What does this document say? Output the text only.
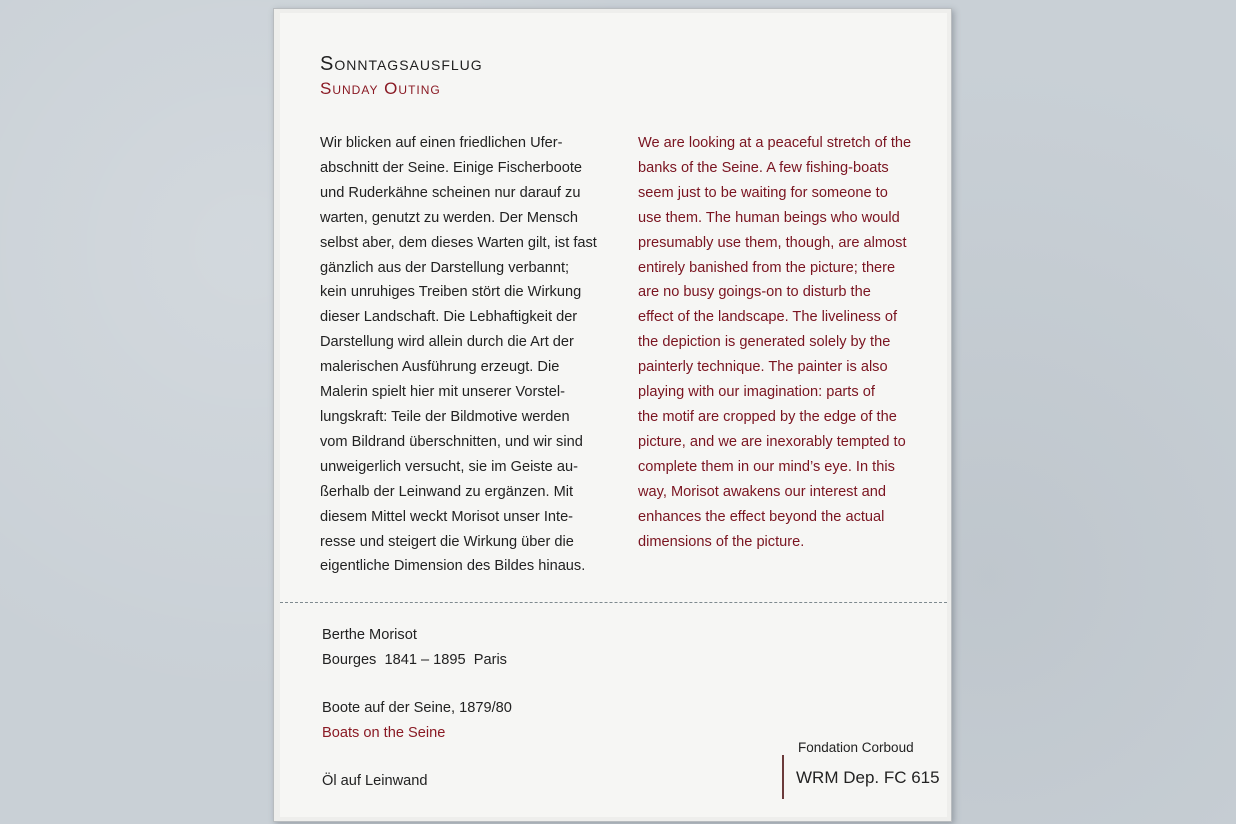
Sonntagsausflug
Sunday Outing
Wir blicken auf einen friedlichen Ufer-
abschnitt der Seine. Einige Fischerboote
und Ruderkähne scheinen nur darauf zu
warten, genutzt zu werden. Der Mensch
selbst aber, dem dieses Warten gilt, ist fast
gänzlich aus der Darstellung verbannt;
kein unruhiges Treiben stört die Wirkung
dieser Landschaft. Die Lebhaftigkeit der
Darstellung wird allein durch die Art der
malerischen Ausführung erzeugt. Die
Malerin spielt hier mit unserer Vorstel-
lungskraft: Teile der Bildmotive werden
vom Bildrand überschnitten, und wir sind
unweigerlich versucht, sie im Geiste au-
ßerhalb der Leinwand zu ergänzen. Mit
diesem Mittel weckt Morisot unser Inte-
resse und steigert die Wirkung über die
eigentliche Dimension des Bildes hinaus.
We are looking at a peaceful stretch of the
banks of the Seine. A few fishing-boats
seem just to be waiting for someone to
use them. The human beings who would
presumably use them, though, are almost
entirely banished from the picture; there
are no busy goings-on to disturb the
effect of the landscape. The liveliness of
the depiction is generated solely by the
painterly technique. The painter is also
playing with our imagination: parts of
the motif are cropped by the edge of the
picture, and we are inexorably tempted to
complete them in our mind’s eye. In this
way, Morisot awakens our interest and
enhances the effect beyond the actual
dimensions of the picture.
Berthe Morisot
Bourges  1841 – 1895  Paris
Boote auf der Seine, 1879/80
Boats on the Seine
Öl auf Leinwand
Fondation Corboud
WRM Dep. FC 615
